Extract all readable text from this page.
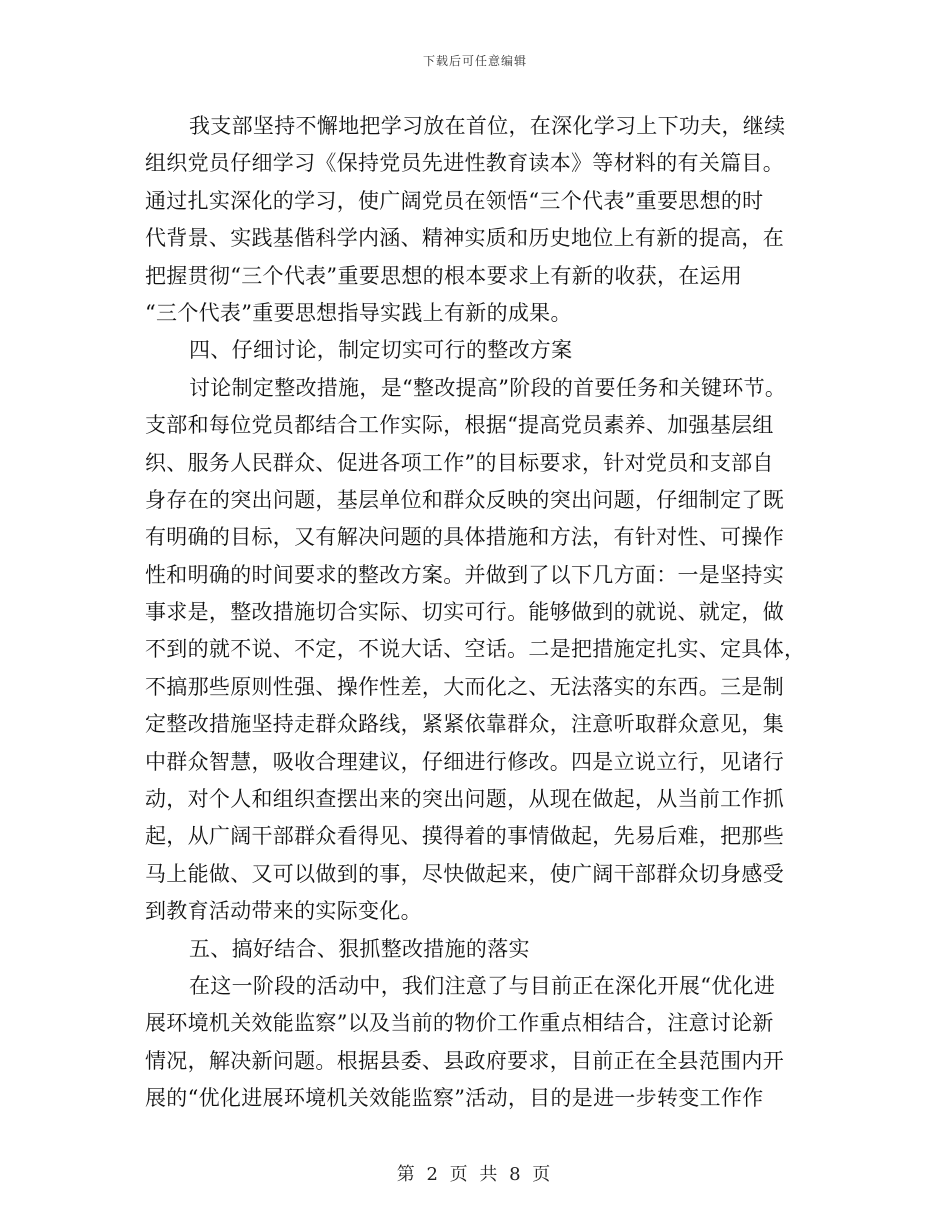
下载后可任意编辑
我支部坚持不懈地把学习放在首位，在深化学习上下功夫，继续
组织党员仔细学习《保持党员先进性教育读本》等材料的有关篇目。
通过扎实深化的学习，使广阔党员在领悟“三个代表”重要思想的时
代背景、实践基偕科学内涵、精神实质和历史地位上有新的提高，在
把握贯彻“三个代表”重要思想的根本要求上有新的收获，在运用
“三个代表”重要思想指导实践上有新的成果。
四、仔细讨论，制定切实可行的整改方案
讨论制定整改措施，是“整改提高”阶段的首要任务和关键环节。
支部和每位党员都结合工作实际，根据“提高党员素养、加强基层组
织、服务人民群众、促进各项工作”的目标要求，针对党员和支部自
身存在的突出问题，基层单位和群众反映的突出问题，仔细制定了既
有明确的目标，又有解决问题的具体措施和方法，有针对性、可操作
性和明确的时间要求的整改方案。并做到了以下几方面：一是坚持实
事求是，整改措施切合实际、切实可行。能够做到的就说、就定，做
不到的就不说、不定，不说大话、空话。二是把措施定扎实、定具体，
不搞那些原则性强、操作性差，大而化之、无法落实的东西。三是制
定整改措施坚持走群众路线，紧紧依靠群众，注意听取群众意见，集
中群众智慧，吸收合理建议，仔细进行修改。四是立说立行，见诸行
动，对个人和组织查摆出来的突出问题，从现在做起，从当前工作抓
起，从广阔干部群众看得见、摸得着的事情做起，先易后难，把那些
马上能做、又可以做到的事，尽快做起来，使广阔干部群众切身感受
到教育活动带来的实际变化。
五、搞好结合、狠抓整改措施的落实
在这一阶段的活动中，我们注意了与目前正在深化开展“优化进
展环境机关效能监察”以及当前的物价工作重点相结合，注意讨论新
情况，解决新问题。根据县委、县政府要求，目前正在全县范围内开
展的“优化进展环境机关效能监察”活动，目的是进一步转变工作作
第 2 页 共 8 页
